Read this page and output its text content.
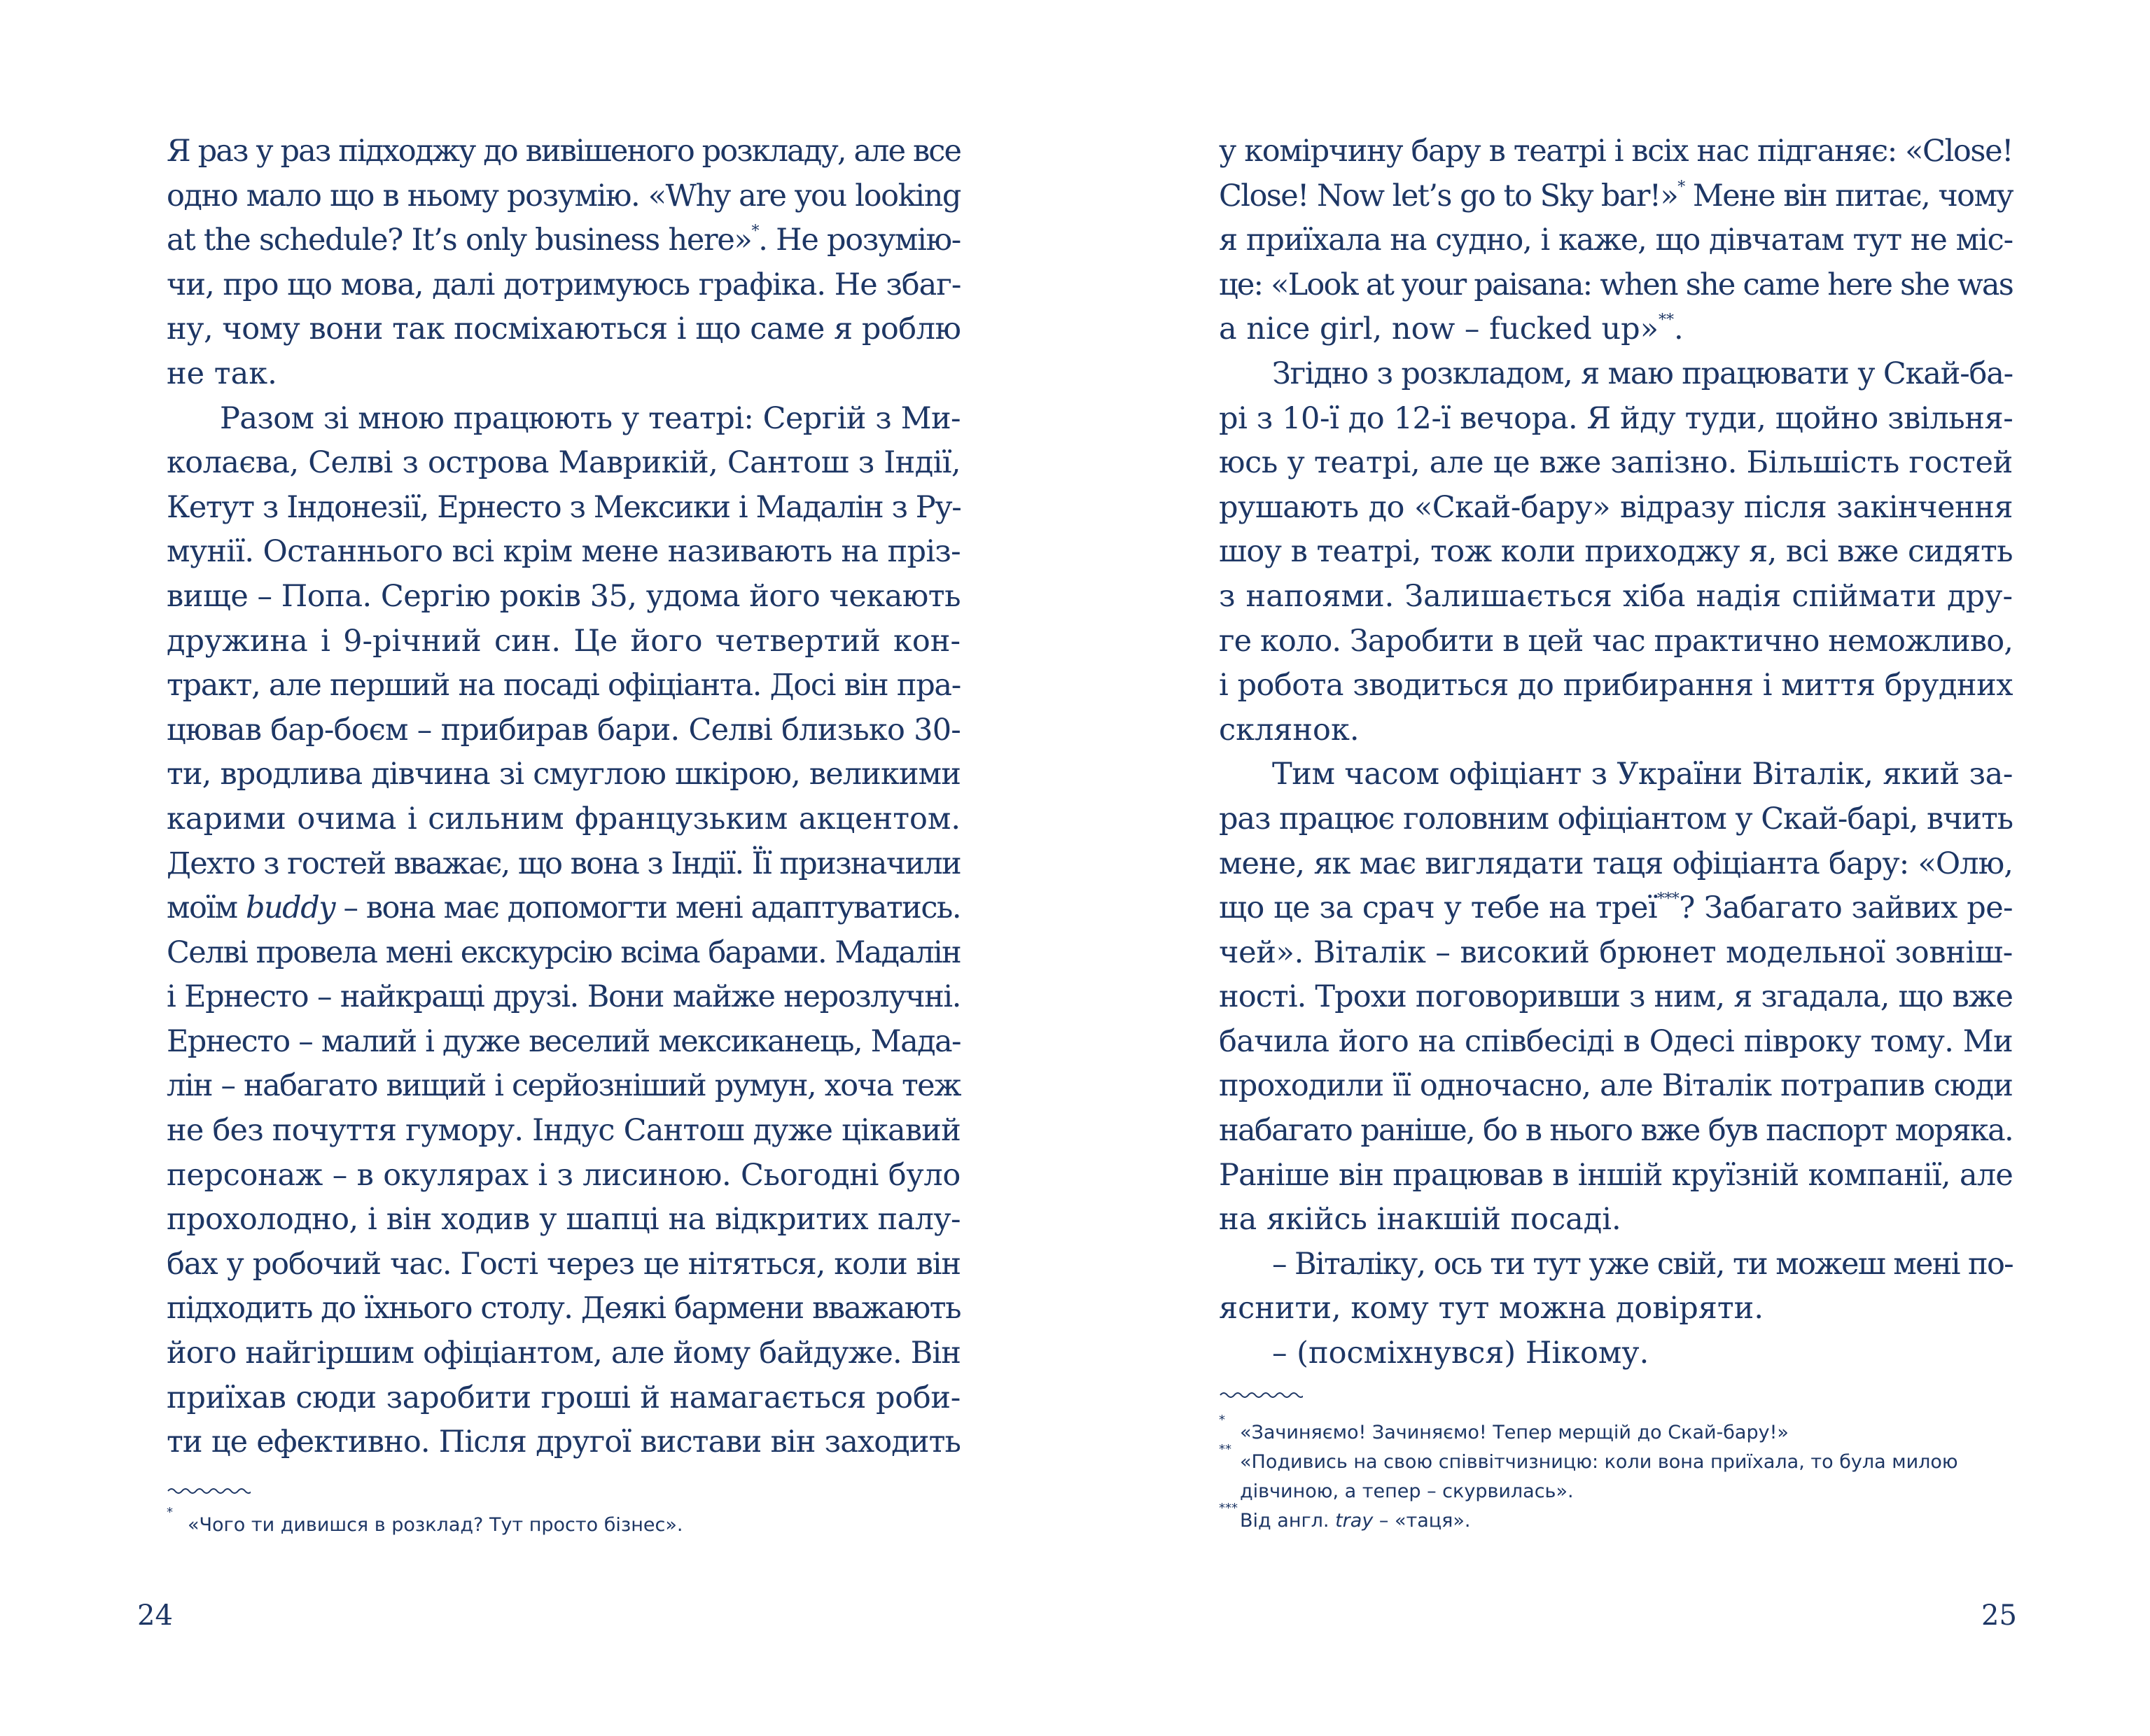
Я раз у раз підходжу до вивішеного розкладу, але все
одно мало що в ньому розумію. «Why are you looking
at the schedule? It’s only business here»*. Не розумію-
чи, про що мова, далі дотримуюсь графіка. Не збаг-
ну, чому вони так посміхаються і що саме я роблю
не так.
Разом зі мною працюють у театрі: Сергій з Ми-
колаєва, Селві з острова Маврикій, Сантош з Індії,
Кетут з Індонезії, Ернесто з Мексики і Мадалін з Ру-
мунії. Останнього всі крім мене називають на пріз-
вище – Попа. Сергію років 35, удома його чекають
дружина і 9-річний син. Це його четвертий кон-
тракт, але перший на посаді офіціанта. Досі він пра-
цював бар-боєм – прибирав бари. Селві близько 30-
ти, вродлива дівчина зі смуглою шкірою, великими
карими очима і сильним французьким акцентом.
Дехто з гостей вважає, що вона з Індії. Її призначили
моїм buddy – вона має допомогти мені адаптуватись.
Селві провела мені екскурсію всіма барами. Мадалін
і Ернесто – найкращі друзі. Вони майже нерозлучні.
Ернесто – малий і дуже веселий мексиканець, Мада-
лін – набагато вищий і серйозніший румун, хоча теж
не без почуття гумору. Індус Сантош дуже цікавий
персонаж – в окулярах і з лисиною. Сьогодні було
прохолодно, і він ходив у шапці на відкритих палу-
бах у робочий час. Гості через це нітяться, коли він
підходить до їхнього столу. Деякі бармени вважають
його найгіршим офіціантом, але йому байдуже. Він
приїхав сюди заробити гроші й намагається роби-
ти це ефективно. Після другої вистави він заходить
*
«Чого ти дивишся в розклад? Тут просто бізнес».
24
у комірчину бару в театрі і всіх нас підганяє: «Close!
Close! Now let’s go to Sky bar!»* Мене він питає, чому
я приїхала на судно, і каже, що дівчатам тут не міс-
це: «Look at your paisana: when she came here she was
a nice girl, now – fucked up»**.
Згідно з розкладом, я маю працювати у Скай-ба-
рі з 10-ї до 12-ї вечора. Я йду туди, щойно звільня-
юсь у театрі, але це вже запізно. Більшість гостей
рушають до «Скай-бару» відразу після закінчення
шоу в театрі, тож коли приходжу я, всі вже сидять
з напоями. Залишається хіба надія спіймати дру-
ге коло. Заробити в цей час практично неможливо,
і робота зводиться до прибирання і миття брудних
склянок.
Тим часом офіціант з України Віталік, який за-
раз працює головним офіціантом у Скай-барі, вчить
мене, як має виглядати таця офіціанта бару: «Олю,
що це за срач у тебе на треї***? Забагато зайвих ре-
чей». Віталік – високий брюнет модельної зовніш-
ності. Трохи поговоривши з ним, я згадала, що вже
бачила його на співбесіді в Одесі півроку тому. Ми
проходили її одночасно, але Віталік потрапив сюди
набагато раніше, бо в нього вже був паспорт моряка.
Раніше він працював в іншій круїзній компанії, але
на якійсь інакшій посаді.
– Віталіку, ось ти тут уже свій, ти можеш мені по-
яснити, кому тут можна довіряти.
– (посміхнувся) Нікому.
*
«Зачиняємо! Зачиняємо! Тепер мерщій до Скай-бару!»
**
«Подивись на свою співвітчизницю: коли вона приїхала, то була милою
дівчиною, а тепер – скурвилась».
***
Від англ. tray – «таця».
25
